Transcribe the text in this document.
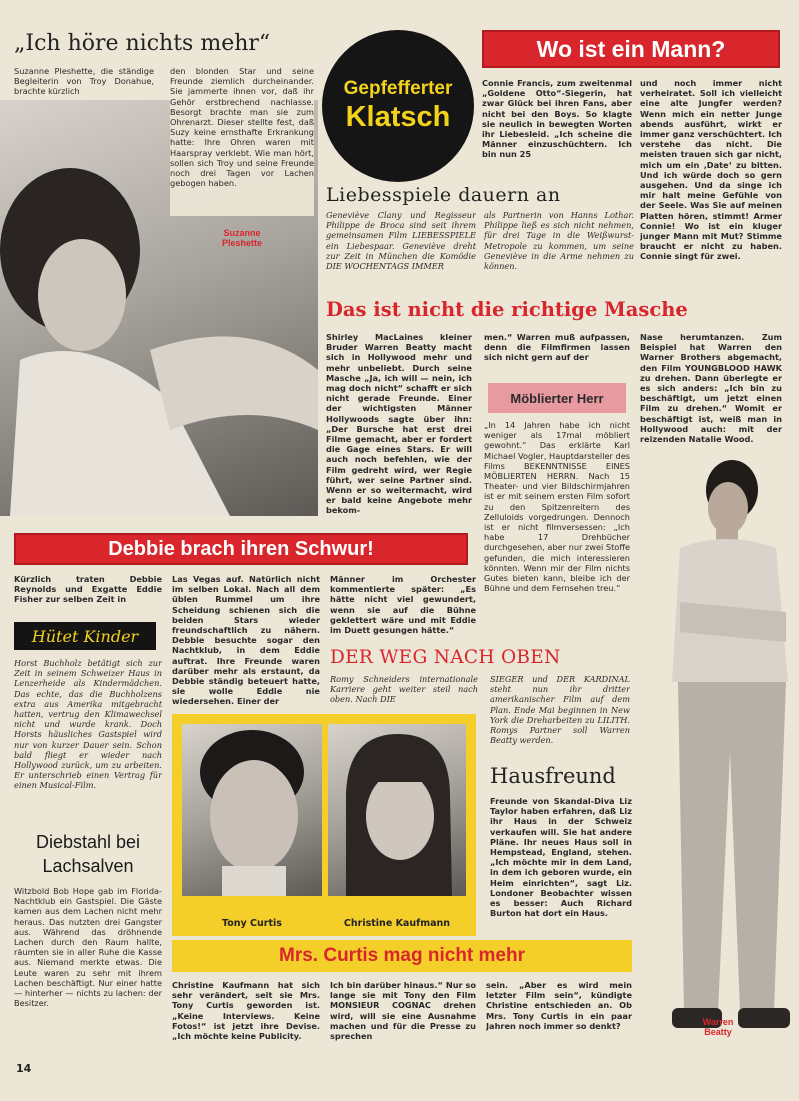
„Ich höre nichts mehr“
Suzanne Pleshette, die ständige Begleiterin von Troy Donahue, brachte kürzlich
den blonden Star und seine Freunde ziemlich durcheinander. Sie jammerte ihnen vor, daß ihr Gehör erstbrechend nachlasse. Besorgt brachte man sie zum Ohrenarzt. Dieser stellte fest, daß Suzy keine ernsthafte Erkrankung hatte: Ihre Ohren waren mit Haarspray verklebt. Wie man hört, sollen sich Troy und seine Freunde noch drei Tagen vor Lachen gebogen haben.
Suzanne Pleshette
Gepfefferter
Klatsch
Wo ist ein Mann?
Connie Francis, zum zweitenmal „Goldene Otto“-Siegerin, hat zwar Glück bei ihren Fans, aber nicht bei den Boys. So klagte sie neulich in bewegten Worten ihr Liebesleid. „Ich scheine die Männer einzuschüchtern. Ich bin nun 25
und noch immer nicht verheiratet. Soll ich vielleicht eine alte Jungfer werden? Wenn mich ein netter Junge abends ausführt, wirkt er immer ganz verschüchtert. Ich verstehe das nicht. Die meisten trauen sich gar nicht, mich um ein ‚Date‘ zu bitten. Und ich würde doch so gern ausgehen. Und da singe ich mir halt meine Gefühle von der Seele. Was Sie auf meinen Platten hören, stimmt! Armer Connie! Wo ist ein kluger junger Mann mit Mut? Stimme braucht er nicht zu haben. Connie singt für zwei.
Liebesspiele dauern an
Geneviève Clany und Regisseur Philippe de Broca sind seit ihrem gemeinsamen Film LIEBESSPIELE ein Liebespaar. Geneviève dreht zur Zeit in München die Komödie DIE WOCHENTAGS IMMER
als Partnerin von Hanns Lothar. Philippe ließ es sich nicht nehmen, für drei Tage in die Weißwurst-Metropole zu kommen, um seine Geneviève in die Arme nehmen zu können.
Das ist nicht die richtige Masche
Shirley MacLaines kleiner Bruder Warren Beatty macht sich in Hollywood mehr und mehr unbeliebt. Durch seine Masche „Ja, ich will — nein, ich mag doch nicht“ schafft er sich nicht gerade Freunde. Einer der wichtigsten Männer Hollywoods sagte über ihn: „Der Bursche hat erst drei Filme gemacht, aber er fordert die Gage eines Stars. Er will auch noch befehlen, wie der Film gedreht wird, wer Regie führt, wer seine Partner sind. Wenn er so weitermacht, wird er bald keine Angebote mehr bekom-
men.“ Warren muß aufpassen, denn die Filmfirmen lassen sich nicht gern auf der
Möblierter Herr
„In 14 Jahren habe ich nicht weniger als 17mal möbliert gewohnt.“ Das erklärte Karl Michael Vogler, Hauptdarsteller des Films BEKENNTNISSE EINES MÖBLIERTEN HERRN. Nach 15 Theater- und vier Bildschirmjahren ist er mit seinem ersten Film sofort zu den Spitzenreitern des Zelluloids vorgedrungen. Dennoch ist er nicht filmversessen: „Ich habe 17 Drehbücher durchgesehen, aber nur zwei Stoffe gefunden, die mich interessieren könnten. Wenn mir der Film nichts Gutes bieten kann, bleibe ich der Bühne und dem Fernsehen treu.“
Nase herumtanzen. Zum Beispiel hat Warren den Warner Brothers abgemacht, den Film YOUNGBLOOD HAWK zu drehen. Dann überlegte er es sich anders: „Ich bin zu beschäftigt, um jetzt einen Film zu drehen.“ Womit er beschäftigt ist, weiß man in Hollywood auch: mit der reizenden Natalie Wood.
Warren Beatty
Debbie brach ihren Schwur!
Kürzlich traten Debbie Reynolds und Exgatte Eddie Fisher zur selben Zeit in
Las Vegas auf. Natürlich nicht im selben Lokal. Nach all dem üblen Rummel um ihre Scheidung schienen sich die beiden Stars wieder freundschaftlich zu nähern. Debbie besuchte sogar den Nachtklub, in dem Eddie auftrat. Ihre Freunde waren darüber mehr als erstaunt, da Debbie ständig beteuert hatte, sie wolle Eddie nie wiedersehen. Einer der
Männer im Orchester kommentierte später: „Es hätte nicht viel gewundert, wenn sie auf die Bühne geklettert wäre und mit Eddie im Duett gesungen hätte.“
Hütet Kinder
Horst Buchholz betätigt sich zur Zeit in seinem Schweizer Haus in Lenzerheide als Kindermädchen. Das echte, das die Buchholzens extra aus Amerika mitgebracht hatten, vertrug den Klimawechsel nicht und wurde krank. Doch Horsts häusliches Gastspiel wird nur von kurzer Dauer sein. Schon bald fliegt er wieder nach Hollywood zurück, um zu arbeiten. Er unterschrieb einen Vertrag für einen Musical-Film.
Diebstahl bei Lachsalven
Witzbold Bob Hope gab im Florida-Nachtklub ein Gastspiel. Die Gäste kamen aus dem Lachen nicht mehr heraus. Das nutzten drei Gangster aus. Während das dröhnende Lachen durch den Raum hallte, räumten sie in aller Ruhe die Kasse aus. Niemand merkte etwas. Die Leute waren zu sehr mit ihrem Lachen beschäftigt. Nur einer hatte — hinterher — nichts zu lachen: der Besitzer.
DER WEG NACH OBEN
Romy Schneiders internationale Karriere geht weiter steil nach oben. Nach DIE
SIEGER und DER KARDINAL steht nun ihr dritter amerikanischer Film auf dem Plan. Ende Mai beginnen in New York die Dreharbeiten zu LILITH. Romys Partner soll Warren Beatty werden.
Tony Curtis	Christine Kaufmann
Hausfreund
Freunde von Skandal-Diva Liz Taylor haben erfahren, daß Liz ihr Haus in der Schweiz verkaufen will. Sie hat andere Pläne. Ihr neues Haus soll in Hempstead, England, stehen. „Ich möchte mir in dem Land, in dem ich geboren wurde, ein Heim einrichten“, sagt Liz. Londoner Beobachter wissen es besser: Auch Richard Burton hat dort ein Haus.
Mrs. Curtis mag nicht mehr
Christine Kaufmann hat sich sehr verändert, seit sie Mrs. Tony Curtis geworden ist. „Keine Interviews. Keine Fotos!“ ist jetzt ihre Devise. „Ich möchte keine Publicity.
Ich bin darüber hinaus.“ Nur so lange sie mit Tony den Film MONSIEUR COGNAC drehen wird, will sie eine Ausnahme machen und für die Presse zu sprechen
sein. „Aber es wird mein letzter Film sein“, kündigte Christine entschieden an. Ob Mrs. Tony Curtis in ein paar Jahren noch immer so denkt?
14
